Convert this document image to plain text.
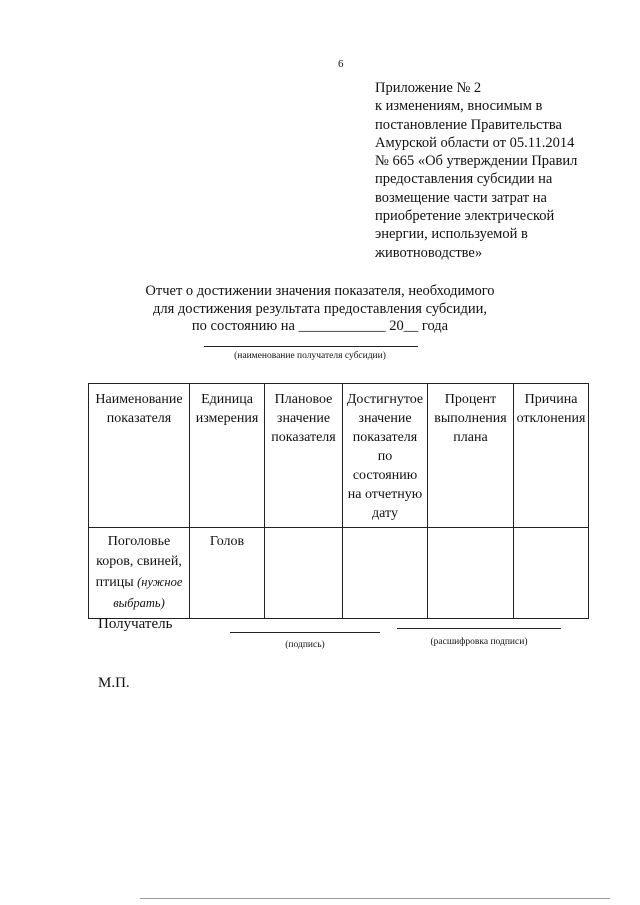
6
Приложение № 2
к изменениям, вносимым в
постановление Правительства
Амурской области от 05.11.2014
№ 665 «Об утверждении Правил
предоставления субсидии на
возмещение части затрат на
приобретение электрической
энергии, используемой в
животноводстве»
Отчет о достижении значения показателя, необходимого
для достижения результата предоставления субсидии,
по состоянию на ____________ 20__ года
(наименование получателя субсидии)
Наименование показателя	Единица измерения	Плановое значение показателя	Достигнутое значение показателя по состоянию на отчетную дату	Процент выполнения плана	Причина отклонения
Поголовье коров, свиней, птицы (нужное выбрать)	Голов				
Получатель
(подпись)	(расшифровка подписи)
М.П.
